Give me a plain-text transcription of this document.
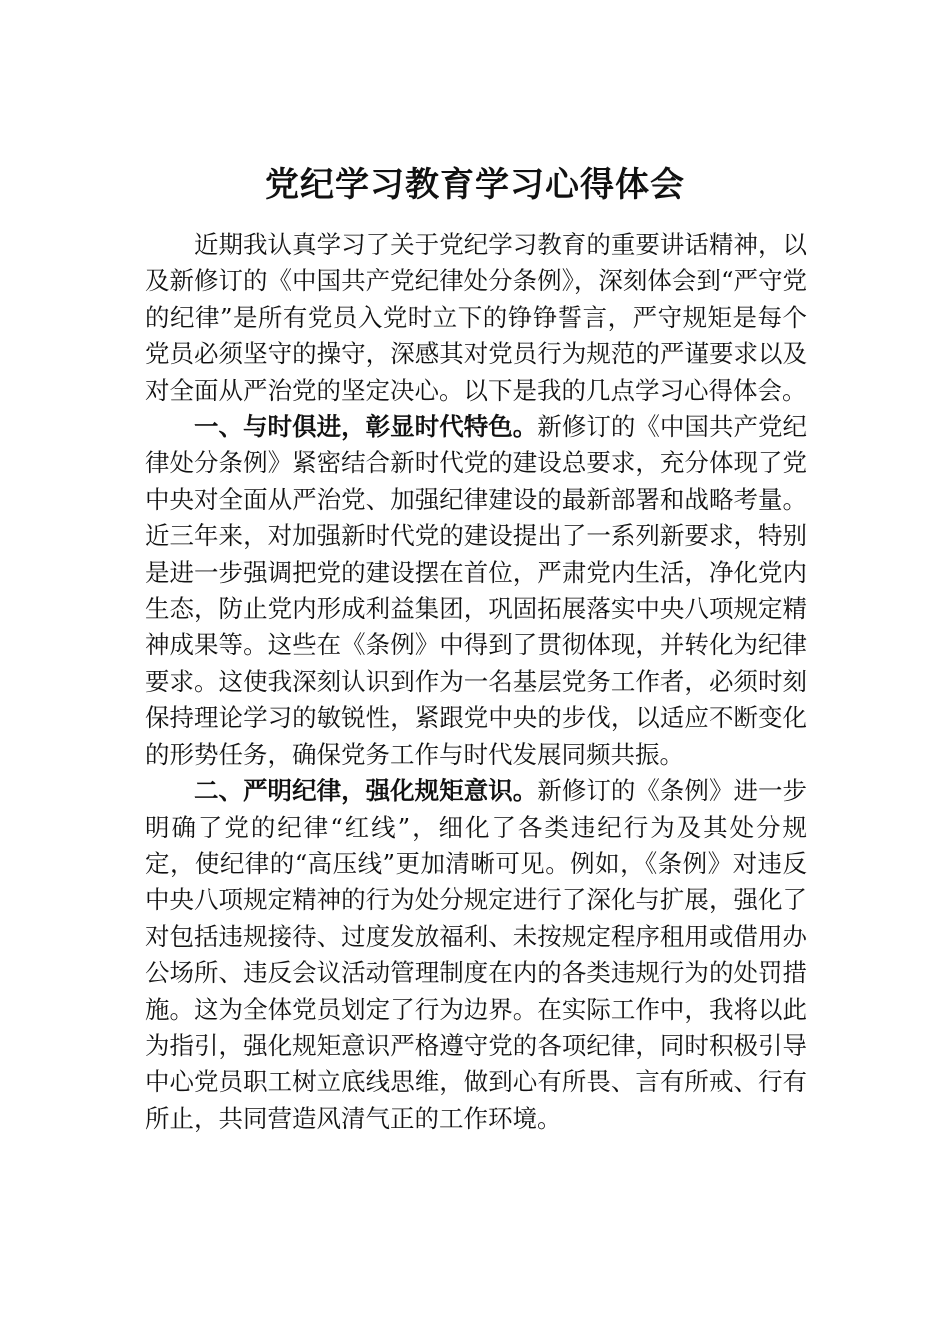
党纪学习教育学习心得体会

近期我认真学习了关于党纪学习教育的重要讲话精神，以及新修订的《中国共产党纪律处分条例》，深刻体会到“严守党的纪律”是所有党员入党时立下的铮铮誓言，严守规矩是每个党员必须坚守的操守，深感其对党员行为规范的严谨要求以及对全面从严治党的坚定决心。以下是我的几点学习心得体会。

一、与时俱进，彰显时代特色。新修订的《中国共产党纪律处分条例》紧密结合新时代党的建设总要求，充分体现了党中央对全面从严治党、加强纪律建设的最新部署和战略考量。近三年来，对加强新时代党的建设提出了一系列新要求，特别是进一步强调把党的建设摆在首位，严肃党内生活，净化党内生态，防止党内形成利益集团，巩固拓展落实中央八项规定精神成果等。这些在《条例》中得到了贯彻体现，并转化为纪律要求。这使我深刻认识到作为一名基层党务工作者，必须时刻保持理论学习的敏锐性，紧跟党中央的步伐，以适应不断变化的形势任务，确保党务工作与时代发展同频共振。

二、严明纪律，强化规矩意识。新修订的《条例》进一步明确了党的纪律“红线”，细化了各类违纪行为及其处分规定，使纪律的“高压线”更加清晰可见。例如，《条例》对违反中央八项规定精神的行为处分规定进行了深化与扩展，强化了对包括违规接待、过度发放福利、未按规定程序租用或借用办公场所、违反会议活动管理制度在内的各类违规行为的处罚措施。这为全体党员划定了行为边界。在实际工作中，我将以此为指引，强化规矩意识严格遵守党的各项纪律，同时积极引导中心党员职工树立底线思维，做到心有所畏、言有所戒、行有所止，共同营造风清气正的工作环境。
